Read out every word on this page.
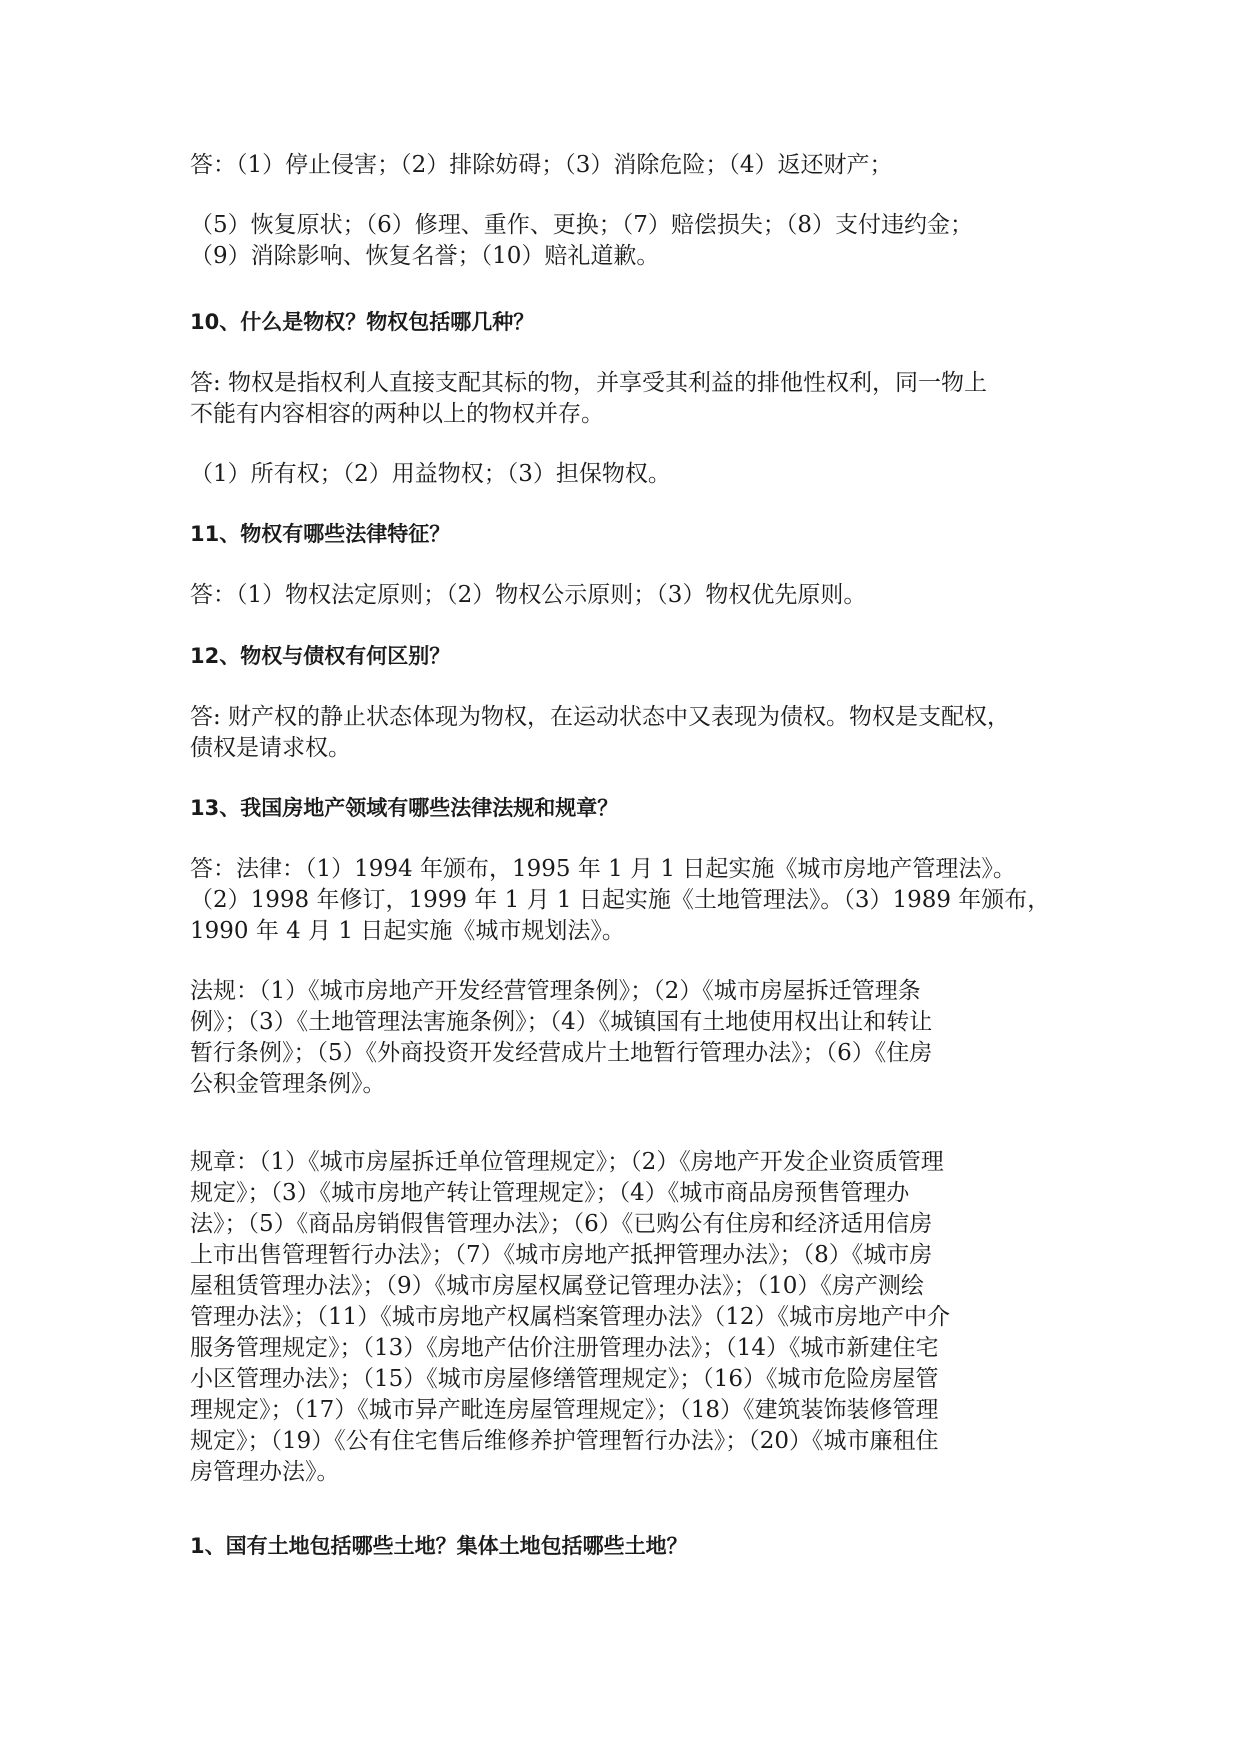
答：（1）停止侵害；（2）排除妨碍；（3）消除危险；（4）返还财产；

（5）恢复原状；（6）修理、重作、更换；（7）赔偿损失；（8）支付违约金；
（9）消除影响、恢复名誉；（10）赔礼道歉。

10、什么是物权？物权包括哪几种？

答: 物权是指权利人直接支配其标的物，并享受其利益的排他性权利，同一物上
不能有内容相容的两种以上的物权并存。

（1）所有权；（2）用益物权；（3）担保物权。

11、物权有哪些法律特征？

答：（1）物权法定原则；（2）物权公示原则；（3）物权优先原则。

12、物权与债权有何区别？

答: 财产权的静止状态体现为物权，在运动状态中又表现为债权。物权是支配权，
债权是请求权。

13、我国房地产领域有哪些法律法规和规章？

答：法律：（1）1994 年颁布，1995 年 1 月 1 日起实施《城市房地产管理法》。
（2）1998 年修订，1999 年 1 月 1 日起实施《土地管理法》。（3）1989 年颁布，
1990 年 4 月 1 日起实施《城市规划法》。

法规：（1）《城市房地产开发经营管理条例》；（2）《城市房屋拆迁管理条
例》；（3）《土地管理法害施条例》；（4）《城镇国有土地使用权出让和转让
暂行条例》；（5）《外商投资开发经营成片土地暂行管理办法》；（6）《住房
公积金管理条例》。

规章：（1）《城市房屋拆迁单位管理规定》；（2）《房地产开发企业资质管理
规定》；（3）《城市房地产转让管理规定》；（4）《城市商品房预售管理办
法》；（5）《商品房销假售管理办法》；（6）《已购公有住房和经济适用信房
上市出售管理暂行办法》；（7）《城市房地产抵押管理办法》；（8）《城市房
屋租赁管理办法》；（9）《城市房屋权属登记管理办法》；（10）《房产测绘
管理办法》；（11）《城市房地产权属档案管理办法》（12）《城市房地产中介
服务管理规定》；（13）《房地产估价注册管理办法》；（14）《城市新建住宅
小区管理办法》；（15）《城市房屋修缮管理规定》；（16）《城市危险房屋管
理规定》；（17）《城市异产毗连房屋管理规定》；（18）《建筑装饰装修管理
规定》；（19）《公有住宅售后维修养护管理暂行办法》；（20）《城市廉租住
房管理办法》。

1、国有土地包括哪些土地？集体土地包括哪些土地？
